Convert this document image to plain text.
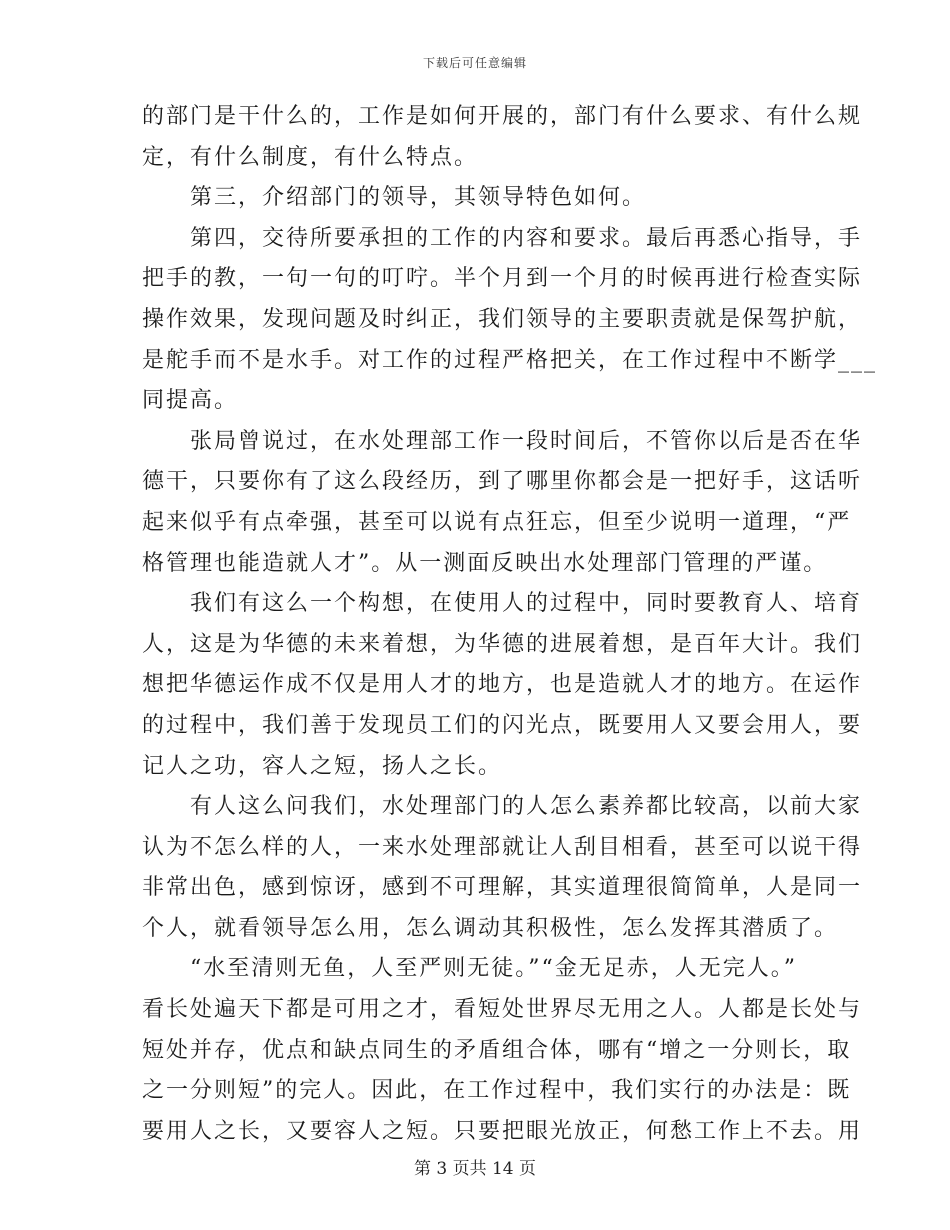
下载后可任意编辑

的部门是干什么的，工作是如何开展的，部门有什么要求、有什么规
定，有什么制度，有什么特点。

第三，介绍部门的领导，其领导特色如何。

第四，交待所要承担的工作的内容和要求。最后再悉心指导，手
把手的教，一句一句的叮咛。半个月到一个月的时候再进行检查实际
操作效果，发现问题及时纠正，我们领导的主要职责就是保驾护航，
是舵手而不是水手。对工作的过程严格把关，在工作过程中不断学___
同提高。

张局曾说过，在水处理部工作一段时间后，不管你以后是否在华
德干，只要你有了这么段经历，到了哪里你都会是一把好手，这话听
起来似乎有点牵强，甚至可以说有点狂忘，但至少说明一道理，“严
格管理也能造就人才”。从一测面反映出水处理部门管理的严谨。

我们有这么一个构想，在使用人的过程中，同时要教育人、培育
人，这是为华德的未来着想，为华德的进展着想，是百年大计。我们
想把华德运作成不仅是用人才的地方，也是造就人才的地方。在运作
的过程中，我们善于发现员工们的闪光点，既要用人又要会用人，要
记人之功，容人之短，扬人之长。

有人这么问我们，水处理部门的人怎么素养都比较高，以前大家
认为不怎么样的人，一来水处理部就让人刮目相看，甚至可以说干得
非常出色，感到惊讶，感到不可理解，其实道理很简简单，人是同一
个人，就看领导怎么用，怎么调动其积极性，怎么发挥其潜质了。

“水至清则无鱼，人至严则无徒。”“金无足赤，人无完人。”
看长处遍天下都是可用之才，看短处世界尽无用之人。人都是长处与
短处并存，优点和缺点同生的矛盾组合体，哪有“增之一分则长，取
之一分则短”的完人。因此，在工作过程中，我们实行的办法是：既
要用人之长，又要容人之短。只要把眼光放正，何愁工作上不去。用

第 3 页共 14 页
